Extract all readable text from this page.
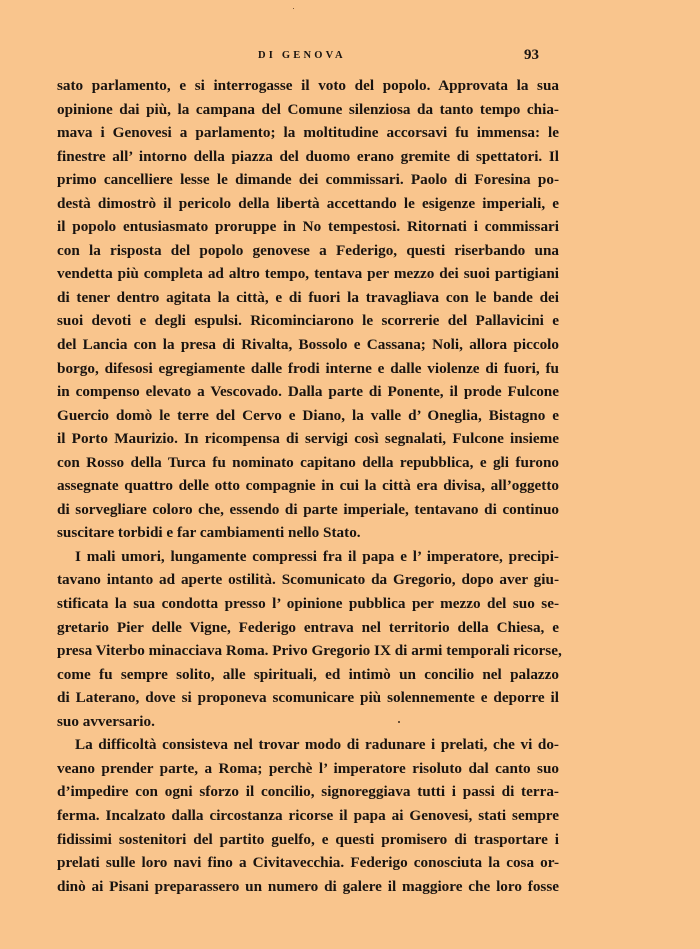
DI GENOVA	93
sato parlamento, e si interrogasse il voto del popolo. Approvata la sua
opinione dai più, la campana del Comune silenziosa da tanto tempo chia-
mava i Genovesi a parlamento; la moltitudine accorsavi fu immensa: le
finestre all’ intorno della piazza del duomo erano gremite di spettatori. Il
primo cancelliere lesse le dimande dei commissari. Paolo di Foresina po-
destà dimostrò il pericolo della libertà accettando le esigenze imperiali, e
il popolo entusiasmato proruppe in No tempestosi. Ritornati i commissari
con la risposta del popolo genovese a Federigo, questi riserbando una
vendetta più completa ad altro tempo, tentava per mezzo dei suoi partigiani
di tener dentro agitata la città, e di fuori la travagliava con le bande dei
suoi devoti e degli espulsi. Ricominciarono le scorrerie del Pallavicini e
del Lancia con la presa di Rivalta, Bossolo e Cassana; Noli, allora piccolo
borgo, difesosi egregiamente dalle frodi interne e dalle violenze di fuori, fu
in compenso elevato a Vescovado. Dalla parte di Ponente, il prode Fulcone
Guercio domò le terre del Cervo e Diano, la valle d’ Oneglia, Bistagno e
il Porto Maurizio. In ricompensa di servigi così segnalati, Fulcone insieme
con Rosso della Turca fu nominato capitano della repubblica, e gli furono
assegnate quattro delle otto compagnie in cui la città era divisa, all’oggetto
di sorvegliare coloro che, essendo di parte imperiale, tentavano di continuo
suscitare torbidi e far cambiamenti nello Stato.
I mali umori, lungamente compressi fra il papa e l’ imperatore, precipi-
tavano intanto ad aperte ostilità. Scomunicato da Gregorio, dopo aver giu-
stificata la sua condotta presso l’ opinione pubblica per mezzo del suo se-
gretario Pier delle Vigne, Federigo entrava nel territorio della Chiesa, e
presa Viterbo minacciava Roma. Privo Gregorio IX di armi temporali ricorse,
come fu sempre solito, alle spirituali, ed intimò un concilio nel palazzo
di Laterano, dove si proponeva scomunicare più solennemente e deporre il
suo avversario.
La difficoltà consisteva nel trovar modo di radunare i prelati, che vi do-
veano prender parte, a Roma; perchè l’ imperatore risoluto dal canto suo
d’impedire con ogni sforzo il concilio, signoreggiava tutti i passi di terra-
ferma. Incalzato dalla circostanza ricorse il papa ai Genovesi, stati sempre
fidissimi sostenitori del partito guelfo, e questi promisero di trasportare i
prelati sulle loro navi fino a Civitavecchia. Federigo conosciuta la cosa or-
dinò ai Pisani preparassero un numero di galere il maggiore che loro fosse
